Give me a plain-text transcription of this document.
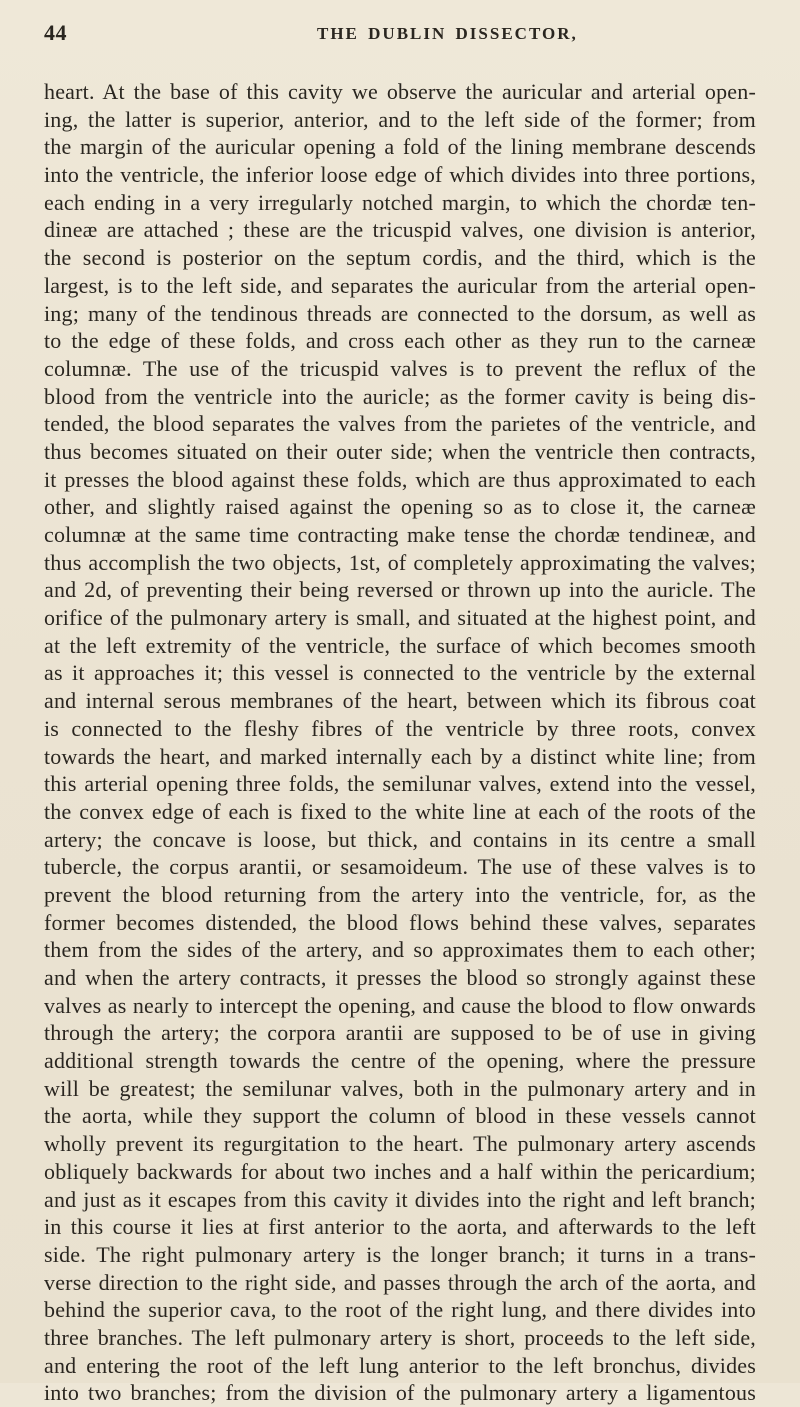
44	THE DUBLIN DISSECTOR,
heart. At the base of this cavity we observe the auricular and arterial open-
ing, the latter is superior, anterior, and to the left side of the former; from
the margin of the auricular opening a fold of the lining membrane descends
into the ventricle, the inferior loose edge of which divides into three portions,
each ending in a very irregularly notched margin, to which the chordæ ten-
dineæ are attached ; these are the tricuspid valves, one division is anterior,
the second is posterior on the septum cordis, and the third, which is the
largest, is to the left side, and separates the auricular from the arterial open-
ing; many of the tendinous threads are connected to the dorsum, as well as
to the edge of these folds, and cross each other as they run to the carneæ
columnæ. The use of the tricuspid valves is to prevent the reflux of the
blood from the ventricle into the auricle; as the former cavity is being dis-
tended, the blood separates the valves from the parietes of the ventricle, and
thus becomes situated on their outer side; when the ventricle then contracts,
it presses the blood against these folds, which are thus approximated to each
other, and slightly raised against the opening so as to close it, the carneæ
columnæ at the same time contracting make tense the chordæ tendineæ, and
thus accomplish the two objects, 1st, of completely approximating the valves;
and 2d, of preventing their being reversed or thrown up into the auricle. The
orifice of the pulmonary artery is small, and situated at the highest point, and
at the left extremity of the ventricle, the surface of which becomes smooth
as it approaches it; this vessel is connected to the ventricle by the external
and internal serous membranes of the heart, between which its fibrous coat
is connected to the fleshy fibres of the ventricle by three roots, convex
towards the heart, and marked internally each by a distinct white line; from
this arterial opening three folds, the semilunar valves, extend into the vessel,
the convex edge of each is fixed to the white line at each of the roots of the
artery; the concave is loose, but thick, and contains in its centre a small
tubercle, the corpus arantii, or sesamoideum. The use of these valves is to
prevent the blood returning from the artery into the ventricle, for, as the
former becomes distended, the blood flows behind these valves, separates
them from the sides of the artery, and so approximates them to each other;
and when the artery contracts, it presses the blood so strongly against these
valves as nearly to intercept the opening, and cause the blood to flow onwards
through the artery; the corpora arantii are supposed to be of use in giving
additional strength towards the centre of the opening, where the pressure
will be greatest; the semilunar valves, both in the pulmonary artery and in
the aorta, while they support the column of blood in these vessels cannot
wholly prevent its regurgitation to the heart. The pulmonary artery ascends
obliquely backwards for about two inches and a half within the pericardium;
and just as it escapes from this cavity it divides into the right and left branch;
in this course it lies at first anterior to the aorta, and afterwards to the left
side. The right pulmonary artery is the longer branch; it turns in a trans-
verse direction to the right side, and passes through the arch of the aorta, and
behind the superior cava, to the root of the right lung, and there divides into
three branches. The left pulmonary artery is short, proceeds to the left side,
and entering the root of the left lung anterior to the left bronchus, divides
into two branches; from the division of the pulmonary artery a ligamentous
